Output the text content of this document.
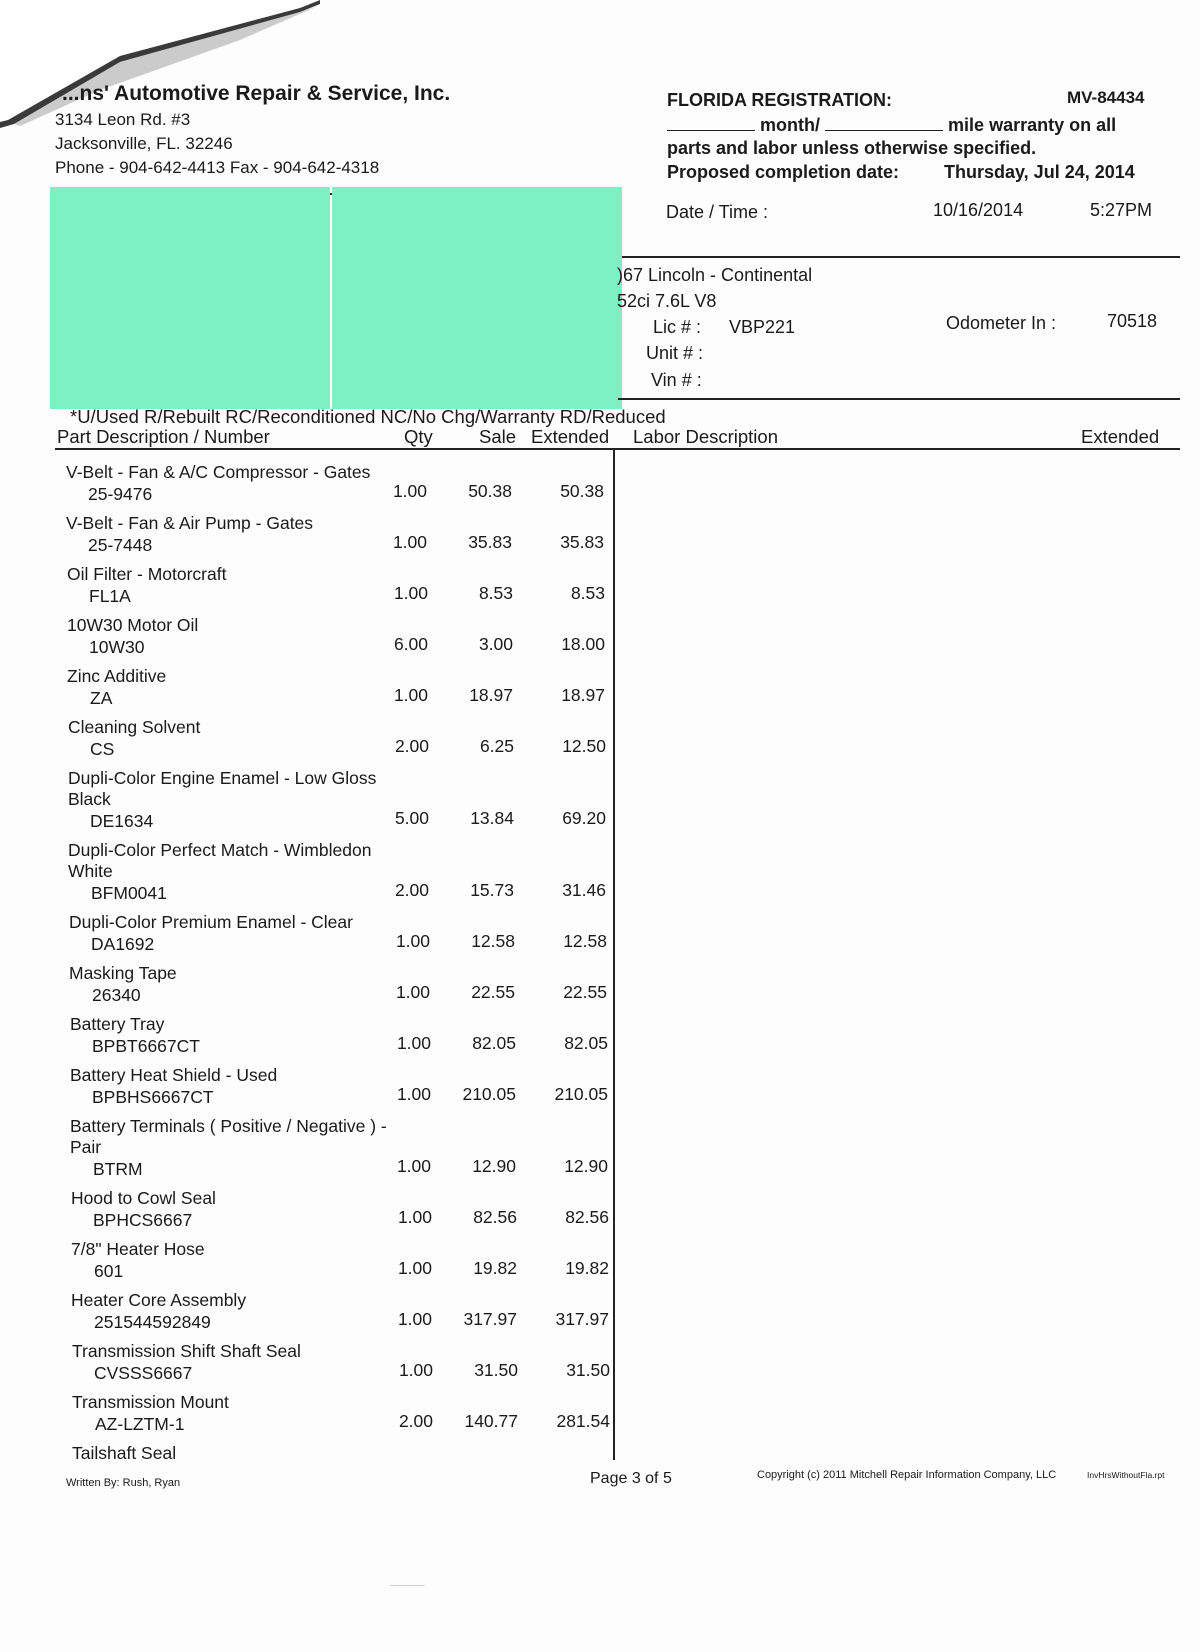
...ns' Automotive Repair & Service, Inc.
3134 Leon Rd. #3
Jacksonville, FL. 32246
Phone - 904-642-4413 Fax - 904-642-4318
FLORIDA REGISTRATION:	MV-84434
month/	mile warranty on all
parts and labor unless otherwise specified.
Proposed completion date: Thursday, Jul 24, 2014
Date / Time :	10/16/2014	5:27PM
)67 Lincoln - Continental
52ci 7.6L V8
Lic # : VBP221
Unit # :
Vin # :
Odometer In :	70518
*U/Used R/Rebuilt RC/Reconditioned NC/No Chg/Warranty RD/Reduced
Part Description / Number	Qty Sale Extended Labor Description	Extended
V-Belt - Fan & A/C Compressor - Gates
25-9476	1.00	50.38	50.38
V-Belt - Fan & Air Pump - Gates
25-7448	1.00	35.83	35.83
Oil Filter - Motorcraft
FL1A	1.00	8.53	8.53
10W30 Motor Oil
10W30	6.00	3.00	18.00
Zinc Additive
ZA	1.00	18.97	18.97
Cleaning Solvent
CS	2.00	6.25	12.50
Dupli-Color Engine Enamel - Low Gloss
Black
DE1634	5.00	13.84	69.20
Dupli-Color Perfect Match - Wimbledon
White
BFM0041	2.00	15.73	31.46
Dupli-Color Premium Enamel - Clear
DA1692	1.00	12.58	12.58
Masking Tape
26340	1.00	22.55	22.55
Battery Tray
BPBT6667CT	1.00	82.05	82.05
Battery Heat Shield - Used
BPBHS6667CT	1.00	210.05	210.05
Battery Terminals ( Positive / Negative ) -
Pair
BTRM	1.00	12.90	12.90
Hood to Cowl Seal
BPHCS6667	1.00	82.56	82.56
7/8" Heater Hose
601	1.00	19.82	19.82
Heater Core Assembly
251544592849	1.00	317.97	317.97
Transmission Shift Shaft Seal
CVSSS6667	1.00	31.50	31.50
Transmission Mount
AZ-LZTM-1	2.00	140.77	281.54
Tailshaft Seal
Written By: Rush, Ryan	Page 3 of 5	Copyright (c) 2011 Mitchell Repair Information Company, LLC	InvHrsWithoutFla.rpt
